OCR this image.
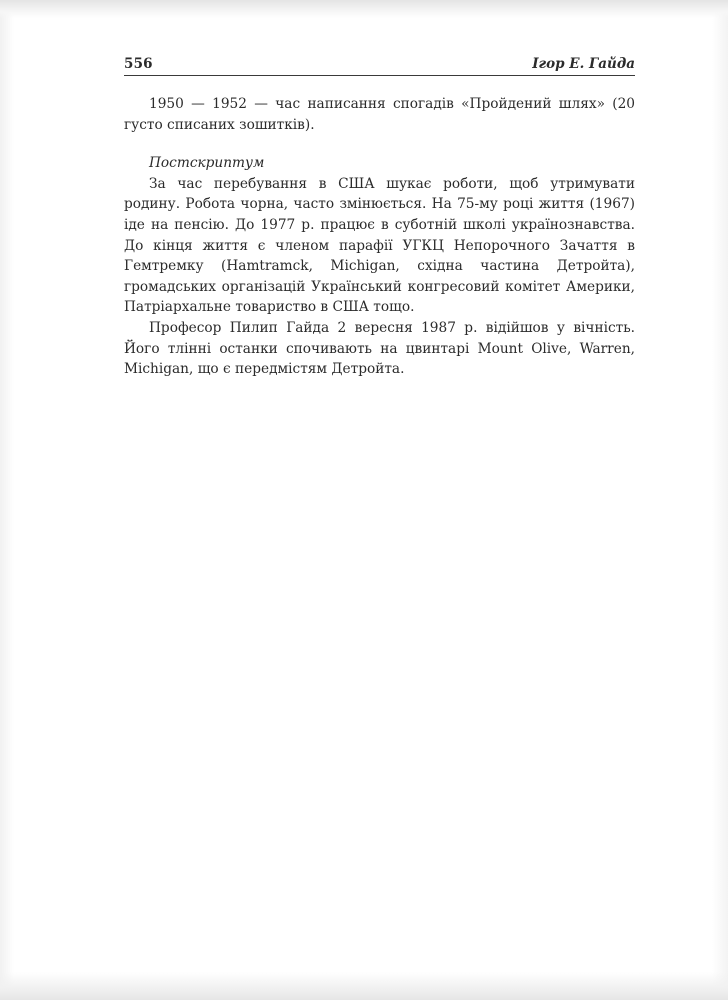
556	Ігор Е. Гайда

1950 — 1952 — час написання спогадів «Пройдений шлях» (20 густо списаних зошитків).

Постскриптум

За час перебування в США шукає роботи, щоб утримувати родину. Робота чорна, часто змінюється. На 75-му році життя (1967) іде на пенсію. До 1977 р. працює в суботній школі українознавства. До кінця життя є членом парафії УГКЦ Непорочного Зачаття в Гемтремку (Hamtramck, Michigan, східна частина Детройта), громадських організацій Український конгресовий комітет Америки, Патріархальне товариство в США тощо.

Професор Пилип Гайда 2 вересня 1987 р. відійшов у вічність. Його тлінні останки спочивають на цвинтарі Mount Olive, Warren, Michigan, що є передмістям Детройта.
